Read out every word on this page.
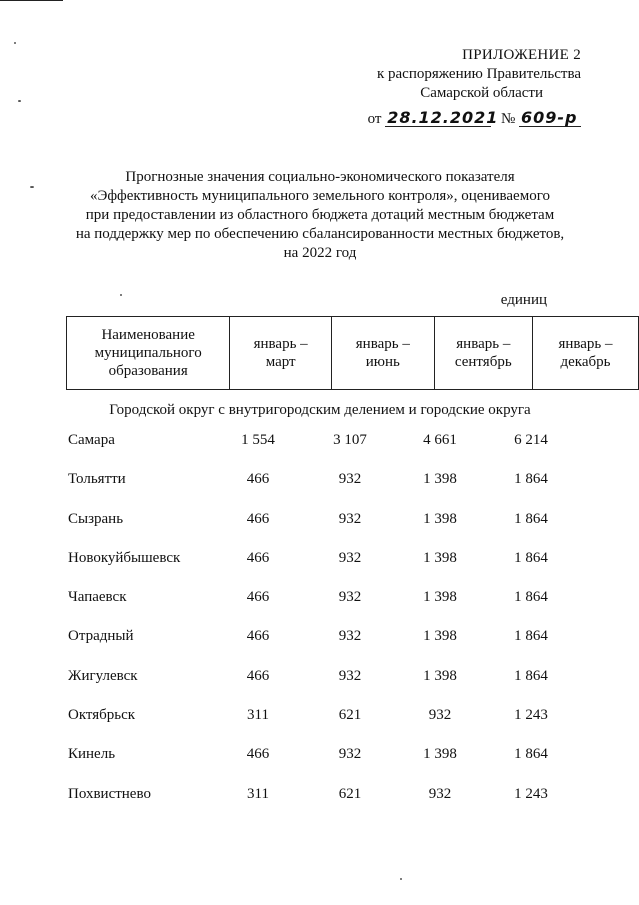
ПРИЛОЖЕНИЕ 2
к распоряжению Правительства
Самарской области
от 28.12.2021 № 609-р
Прогнозные значения социально-экономического показателя
«Эффективность муниципального земельного контроля», оцениваемого
при предоставлении из областного бюджета дотаций местным бюджетам
на поддержку мер по обеспечению сбалансированности местных бюджетов,
на 2022 год
единиц
Наименование муниципального образования	январь – март	январь – июнь	январь – сентябрь	январь – декабрь
Городской округ с внутригородским делением и городские округа
Самара	1 554	3 107	4 661	6 214
Тольятти	466	932	1 398	1 864
Сызрань	466	932	1 398	1 864
Новокуйбышевск	466	932	1 398	1 864
Чапаевск	466	932	1 398	1 864
Отрадный	466	932	1 398	1 864
Жигулевск	466	932	1 398	1 864
Октябрьск	311	621	932	1 243
Кинель	466	932	1 398	1 864
Похвистнево	311	621	932	1 243
